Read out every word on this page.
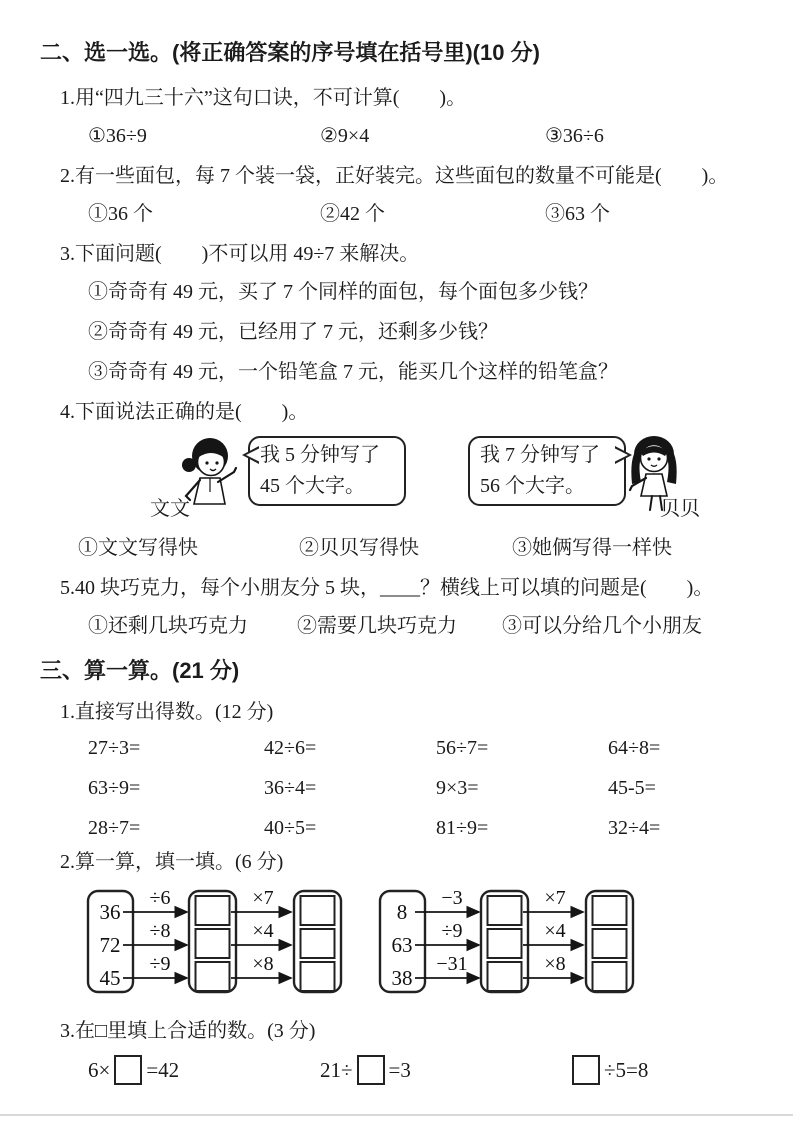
二、选一选。(将正确答案的序号填在括号里)(10 分)
1.用“四九三十六”这句口诀，不可计算(　　)。
①36÷9	②9×4	③36÷6
2.有一些面包，每 7 个装一袋，正好装完。这些面包的数量不可能是(　　)。
①36 个	②42 个	③63 个
3.下面问题(　　)不可以用 49÷7 来解决。
①奇奇有 49 元，买了 7 个同样的面包，每个面包多少钱？
②奇奇有 49 元，已经用了 7 元，还剩多少钱？
③奇奇有 49 元，一个铅笔盒 7 元，能买几个这样的铅笔盒？
4.下面说法正确的是(　　)。
文文
我 5 分钟写了
45 个大字。
我 7 分钟写了
56 个大字。
贝贝
①文文写得快	②贝贝写得快	③她俩写得一样快
5.40 块巧克力，每个小朋友分 5 块，____？横线上可以填的问题是(　　)。
①还剩几块巧克力	②需要几块巧克力	③可以分给几个小朋友
三、算一算。(21 分)
1.直接写出得数。(12 分)
27÷3=	42÷6=	56÷7=	64÷8=
63÷9=	36÷4=	9×3=	45-5=
28÷7=	40÷5=	81÷9=	32÷4=
2.算一算，填一填。(6 分)
36
72
45
÷6
÷8
÷9
×7
×4
×8
8
63
38
−3
÷9
−31
×7
×4
×8
3.在□里填上合适的数。(3 分)
6× =42	21÷ =3	÷5=8
